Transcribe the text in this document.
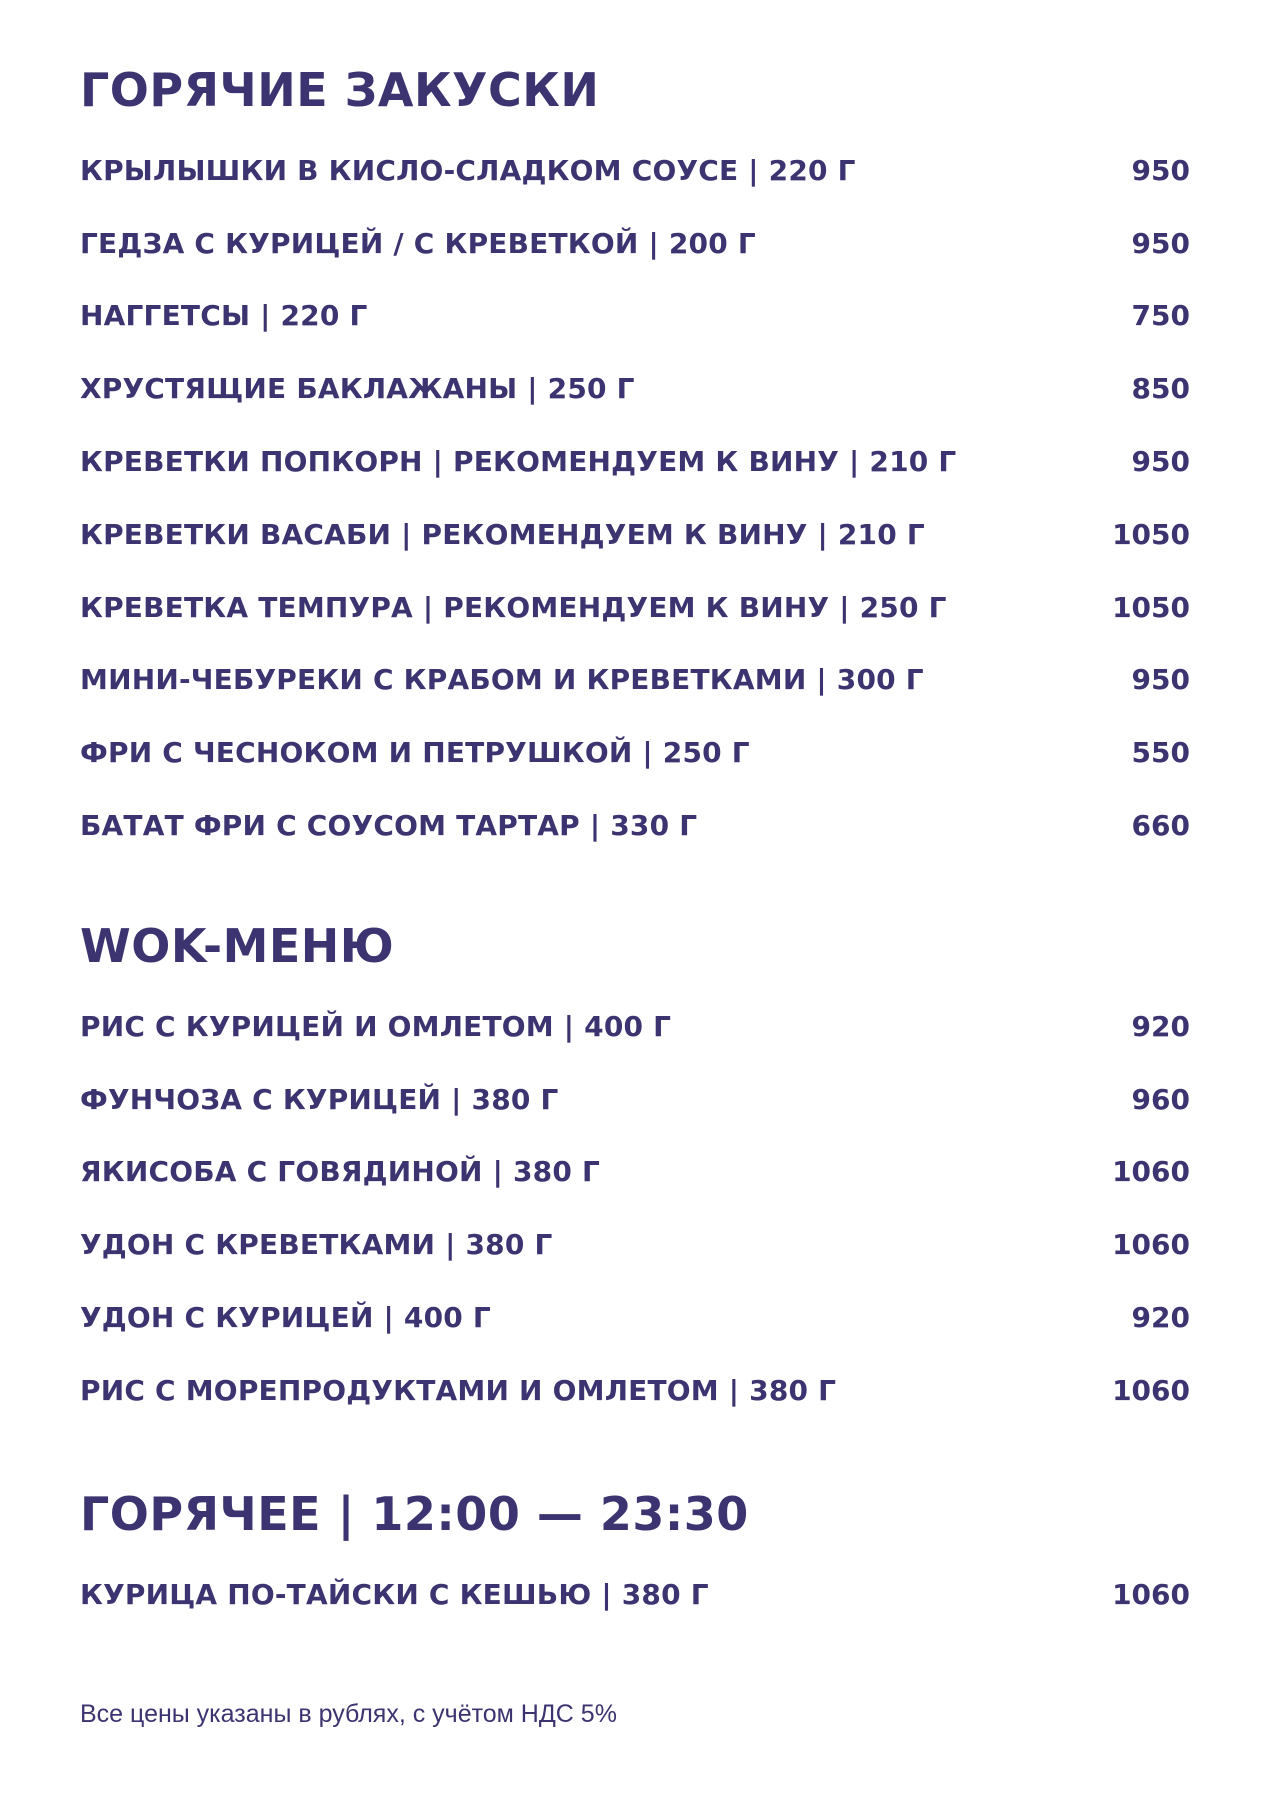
ГОРЯЧИЕ ЗАКУСКИ
КРЫЛЫШКИ В КИСЛО-СЛАДКОМ СОУСЕ | 220 Г	950
ГЕДЗА С КУРИЦЕЙ / С КРЕВЕТКОЙ | 200 Г	950
НАГГЕТСЫ | 220 Г	750
ХРУСТЯЩИЕ БАКЛАЖАНЫ | 250 Г	850
КРЕВЕТКИ ПОПКОРН | РЕКОМЕНДУЕМ К ВИНУ | 210 Г	950
КРЕВЕТКИ ВАСАБИ | РЕКОМЕНДУЕМ К ВИНУ | 210 Г	1050
КРЕВЕТКА ТЕМПУРА | РЕКОМЕНДУЕМ К ВИНУ | 250 Г	1050
МИНИ-ЧЕБУРЕКИ С КРАБОМ И КРЕВЕТКАМИ | 300 Г	950
ФРИ С ЧЕСНОКОМ И ПЕТРУШКОЙ | 250 Г	550
БАТАТ ФРИ С СОУСОМ ТАРТАР | 330 Г	660
WOK-МЕНЮ
РИС С КУРИЦЕЙ И ОМЛЕТОМ | 400 Г	920
ФУНЧОЗА С КУРИЦЕЙ | 380 Г	960
ЯКИСОБА С ГОВЯДИНОЙ | 380 Г	1060
УДОН С КРЕВЕТКАМИ | 380 Г	1060
УДОН С КУРИЦЕЙ | 400 Г	920
РИС С МОРЕПРОДУКТАМИ И ОМЛЕТОМ | 380 Г	1060
ГОРЯЧЕЕ | 12:00 — 23:30
КУРИЦА ПО-ТАЙСКИ С КЕШЬЮ | 380 Г	1060
Все цены указаны в рублях, с учётом НДС 5%
